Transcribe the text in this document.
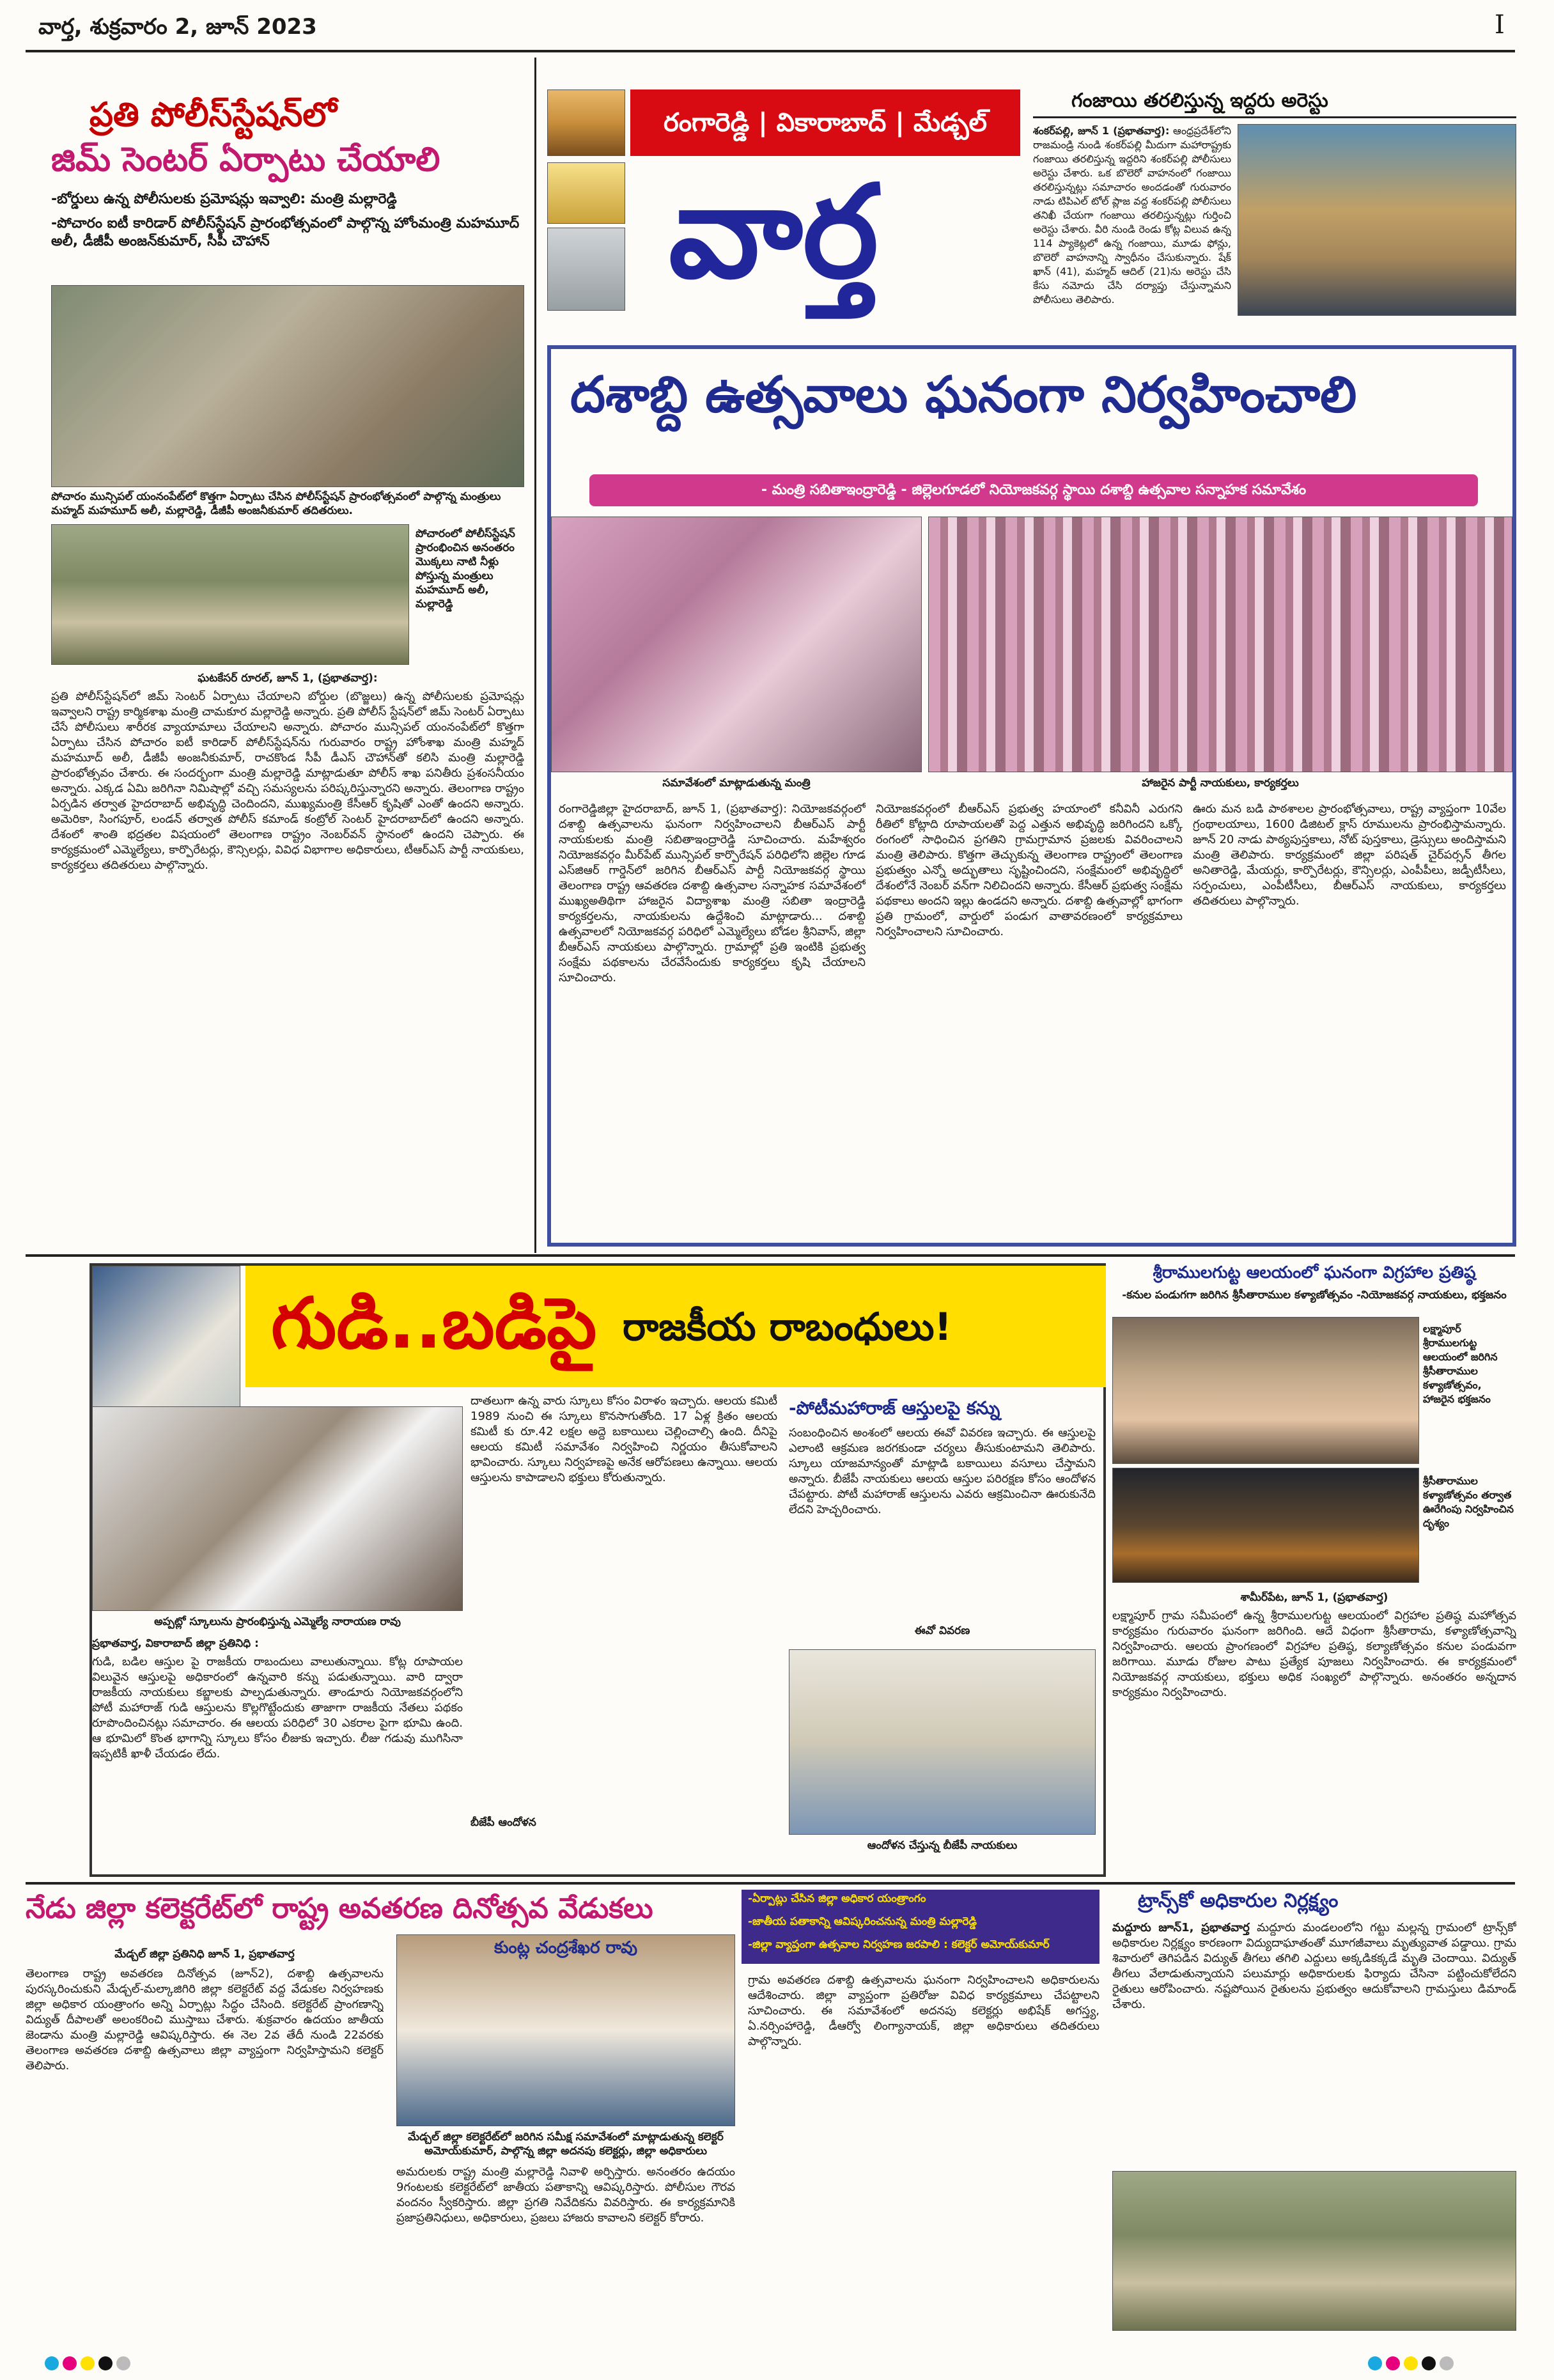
వార్త, శుక్రవారం 2, జూన్ 2023	I
ప్రతి పోలీస్‌స్టేషన్‌లో
జిమ్ సెంటర్ ఏర్పాటు చేయాలి
-బోర్డులు ఉన్న పోలీసులకు ప్రమోషన్లు ఇవ్వాలి: మంత్రి మల్లారెడ్డి
-పోచారం ఐటీ కారిడార్ పోలీస్‌స్టేషన్ ప్రారంభోత్సవంలో పాల్గొన్న హోంమంత్రి మహమూద్ అలీ, డీజీపీ అంజన్‌కుమార్, సీపీ చౌహాన్
పోచారం మున్సిపల్ యంనంపేట్‌లో కొత్తగా ఏర్పాటు చేసిన పోలీస్‌స్టేషన్ ప్రారంభోత్సవంలో పాల్గొన్న మంత్రులు మహ్మద్ మహమూద్ అలీ, మల్లారెడ్డి, డీజీపీ అంజనీకుమార్ తదితరులు.
పోచారంలో పోలీస్‌స్టేషన్ ప్రారంభించిన అనంతరం మొక్కలు నాటి నీళ్లు పోస్తున్న మంత్రులు మహమూద్ అలీ, మల్లారెడ్డి
ఘటకేసర్ రూరల్, జూన్ 1, (ప్రభాతవార్త):
ప్రతి పోలీస్‌స్టేషన్‌లో జిమ్ సెంటర్ ఏర్పాటు చేయాలని బోర్డుల (బొజ్జలు) ఉన్న పోలీసులకు ప్రమోషన్లు ఇవ్వాలని రాష్ట్ర కార్మికశాఖ మంత్రి చామకూర మల్లారెడ్డి అన్నారు. ప్రతి పోలీస్ స్టేషన్‌లో జిమ్ సెంటర్ ఏర్పాటు చేసే పోలీసులు శారీరక వ్యాయామాలు చేయాలని అన్నారు. పోచారం మున్సిపల్ యంనంపేట్‌లో కొత్తగా ఏర్పాటు చేసిన పోచారం ఐటీ కారిడార్ పోలీస్‌స్టేషన్‌ను గురువారం రాష్ట్ర హోంశాఖ మంత్రి మహ్మద్ మహమూద్ అలీ, డీజీపీ అంజనీకుమార్, రాచకొండ సీపీ డీఎస్ చౌహాన్‌తో కలిసి మంత్రి మల్లారెడ్డి ప్రారంభోత్సవం చేశారు. ఈ సందర్భంగా మంత్రి మల్లారెడ్డి మాట్లాడుతూ పోలీస్ శాఖ పనితీరు ప్రశంసనీయం అన్నారు. ఎక్కడ ఏమి జరిగినా నిమిషాల్లో వచ్చి సమస్యలను పరిష్కరిస్తున్నారని అన్నారు. తెలంగాణ రాష్ట్రం ఏర్పడిన తర్వాత హైదరాబాద్ అభివృద్ధి చెందిందని, ముఖ్యమంత్రి కేసీఆర్ కృషితో ఎంతో ఉందని అన్నారు. అమెరికా, సింగపూర్, లండన్ తర్వాత పోలీస్ కమాండ్ కంట్రోల్ సెంటర్ హైదరాబాద్‌లో ఉందని అన్నారు. దేశంలో శాంతి భద్రతల విషయంలో తెలంగాణ రాష్ట్రం నెంబర్‌వన్ స్థానంలో ఉందని చెప్పారు. ఈ కార్యక్రమంలో ఎమ్మెల్యేలు, కార్పొరేటర్లు, కౌన్సిలర్లు, వివిధ విభాగాల అధికారులు, టీఆర్ఎస్ పార్టీ నాయకులు, కార్యకర్తలు తదితరులు పాల్గొన్నారు.
రంగారెడ్డి | వికారాబాద్ | మేడ్చల్
వార్త
గంజాయి తరలిస్తున్న ఇద్దరు అరెస్టు
శంకర్‌పల్లి, జూన్ 1 (ప్రభాతవార్త): ఆంధ్రప్రదేశ్‌లోని రాజమండ్రి నుండి శంకర్‌పల్లి మీదుగా మహారాష్ట్రకు గంజాయి తరలిస్తున్న ఇద్దరిని శంకర్‌పల్లి పోలీసులు అరెస్టు చేశారు. ఒక బొలెరో వాహనంలో గంజాయి తరలిస్తున్నట్లు సమాచారం అందడంతో గురువారం నాడు టిపిఎల్ టోల్ ప్లాజ వద్ద శంకర్‌పల్లి పోలీసులు తనిఖీ చేయగా గంజాయి తరలిస్తున్నట్లు గుర్తించి అరెస్టు చేశారు. వీరి నుండి రెండు కోట్ల విలువ ఉన్న 114 ప్యాకెట్లలో ఉన్న గంజాయి, మూడు ఫోన్లు, బొలెరో వాహనాన్ని స్వాధీనం చేసుకున్నారు. షేక్ ఖాన్ (41), మహ్మద్ ఆదిల్ (21)ను అరెస్టు చేసి కేసు నమోదు చేసి దర్యాప్తు చేస్తున్నామని పోలీసులు తెలిపారు.
దశాబ్ది ఉత్సవాలు ఘనంగా నిర్వహించాలి
- మంత్రి సబితాఇంద్రారెడ్డి - జిల్లెలగూడలో నియోజకవర్గ స్థాయి దశాబ్ది ఉత్సవాల సన్నాహక సమావేశం
సమావేశంలో మాట్లాడుతున్న మంత్రి	హాజరైన పార్టీ నాయకులు, కార్యకర్తలు
రంగారెడ్డిజిల్లా హైదరాబాద్, జూన్ 1, (ప్రభాతవార్త): నియోజకవర్గంలో దశాబ్ది ఉత్సవాలను ఘనంగా నిర్వహించాలని బీఆర్ఎస్ పార్టీ నాయకులకు మంత్రి సబితాఇంద్రారెడ్డి సూచించారు. మహేశ్వరం నియోజకవర్గం మీర్‌పేట్ మున్సిపల్ కార్పొరేషన్ పరిధిలోని జిల్లెల గూడ ఎస్‌జిఆర్ గార్డెన్‌లో జరిగిన బీఆర్ఎస్ పార్టీ నియోజకవర్గ స్థాయి తెలంగాణ రాష్ట్ర ఆవతరణ దశాబ్ది ఉత్సవాల సన్నాహక సమావేశంలో ముఖ్యఅతిథిగా హాజరైన విద్యాశాఖ మంత్రి సబితా ఇంద్రారెడ్డి కార్యకర్తలను, నాయకులను ఉద్దేశించి మాట్లాడారు... దశాబ్ది ఉత్సవాలలో నియోజకవర్గ పరిధిలో ఎమ్మెల్యేలు బోడల శ్రీనివాస్, జిల్లా బీఆర్ఎస్ నాయకులు పాల్గొన్నారు. గ్రామాల్లో ప్రతి ఇంటికి ప్రభుత్వ సంక్షేమ పథకాలను చేరవేసేందుకు కార్యకర్తలు కృషి చేయాలని సూచించారు.
నియోజకవర్గంలో బీఆర్ఎస్ ప్రభుత్వ హయాంలో కనీవినీ ఎరుగని రీతిలో కోట్లాది రూపాయలతో పెద్ద ఎత్తున అభివృద్ధి జరిగిందని ఒక్కో రంగంలో సాధించిన ప్రగతిని గ్రామగ్రామాన ప్రజలకు వివరించాలని మంత్రి తెలిపారు. కొత్తగా తెచ్చుకున్న తెలంగాణ రాష్ట్రంలో తెలంగాణ ప్రభుత్వం ఎన్నో అద్భుతాలు సృష్టించిందని, సంక్షేమంలో అభివృద్ధిలో దేశంలోనే నెంబర్ వన్‌గా నిలిచిందని అన్నారు. కేసీఆర్ ప్రభుత్వ సంక్షేమ పథకాలు అందని ఇల్లు ఉండదని అన్నారు. దశాబ్ది ఉత్సవాల్లో భాగంగా ప్రతి గ్రామంలో, వార్డులో పండుగ వాతావరణంలో కార్యక్రమాలు నిర్వహించాలని సూచించారు.
ఊరు మన బడి పాఠశాలల ప్రారంభోత్సవాలు, రాష్ట్ర వ్యాప్తంగా 10వేల గ్రంథాలయాలు, 1600 డిజిటల్ క్లాస్ రూములను ప్రారంభిస్తామన్నారు. జూన్ 20 నాడు పాఠ్యపుస్తకాలు, నోట్ పుస్తకాలు, డ్రెస్సులు అందిస్తామని మంత్రి తెలిపారు. కార్యక్రమంలో జిల్లా పరిషత్ చైర్‌పర్సన్ తీగల అనితారెడ్డి, మేయర్లు, కార్పొరేటర్లు, కౌన్సిలర్లు, ఎంపీపీలు, జడ్పీటీసీలు, సర్పంచులు, ఎంపీటీసీలు, బీఆర్ఎస్ నాయకులు, కార్యకర్తలు తదితరులు పాల్గొన్నారు.
గుడి..బడిపై రాజకీయ రాబంధులు!
అప్పట్లో స్కూలును ప్రారంభిస్తున్న ఎమ్మెల్యే నారాయణ రావు
ప్రభాతవార్త, వికారాబాద్ జిల్లా ప్రతినిధి :
గుడి, బడిల ఆస్తుల పై రాజకీయ రాబందులు వాలుతున్నాయి. కోట్ల రూపాయల విలువైన ఆస్తులపై అధికారంలో ఉన్నవారి కన్ను పడుతున్నాయి. వారి ద్వారా రాజకీయ నాయకులు కబ్జాలకు పాల్పడుతున్నారు. తాండూరు నియోజకవర్గంలోని పోటీ మహారాజ్ గుడి ఆస్తులను కొల్లగొట్టేందుకు తాజాగా రాజకీయ నేతలు పథకం రూపొందించినట్లు సమాచారం. ఈ ఆలయ పరిధిలో 30 ఎకరాల పైగా భూమి ఉంది. ఆ భూమిలో కొంత భాగాన్ని స్కూలు కోసం లీజుకు ఇచ్చారు. లీజు గడువు ముగిసినా ఇప్పటికీ ఖాళీ చేయడం లేదు.
దాతలుగా ఉన్న వారు స్కూలు కోసం విరాళం ఇచ్చారు. ఆలయ కమిటీ 1989 నుంచి ఈ స్కూలు కొనసాగుతోంది. 17 ఏళ్ల క్రితం ఆలయ కమిటీ కు రూ.42 లక్షల అద్దె బకాయిలు చెల్లించాల్సి ఉంది. దీనిపై ఆలయ కమిటీ సమావేశం నిర్వహించి నిర్ణయం తీసుకోవాలని భావించారు. స్కూలు నిర్వహణపై అనేక ఆరోపణలు ఉన్నాయి. ఆలయ ఆస్తులను కాపాడాలని భక్తులు కోరుతున్నారు.
బీజేపీ ఆందోళన
-పోటీమహారాజ్ ఆస్తులపై కన్ను
సంబంధించిన అంశంలో ఆలయ ఈవో వివరణ ఇచ్చారు. ఈ ఆస్తులపై ఎలాంటి ఆక్రమణ జరగకుండా చర్యలు తీసుకుంటామని తెలిపారు. స్కూలు యాజమాన్యంతో మాట్లాడి బకాయిలు వసూలు చేస్తామని అన్నారు. బీజేపీ నాయకులు ఆలయ ఆస్తుల పరిరక్షణ కోసం ఆందోళన చేపట్టారు. పోటీ మహారాజ్ ఆస్తులను ఎవరు ఆక్రమించినా ఊరుకునేది లేదని హెచ్చరించారు.
ఈవో వివరణ
ఆందోళన చేస్తున్న బీజేపీ నాయకులు
శ్రీరాములగుట్ట ఆలయంలో ఘనంగా విగ్రహాల ప్రతిష్ఠ
-కనుల పండుగగా జరిగిన శ్రీసీతారాముల కళ్యాణోత్సవం -నియోజకవర్గ నాయకులు, భక్తజనం
లక్ష్మాపూర్ శ్రీరాములగుట్ట ఆలయంలో జరిగిన శ్రీసీతారాముల కళ్యాణోత్సవం, హాజరైన భక్తజనం
శ్రీసీతారాముల కళ్యాణోత్సవం తర్వాత ఊరేగింపు నిర్వహించిన దృశ్యం
శామీర్‌పేట, జూన్ 1, (ప్రభాతవార్త)
లక్ష్మాపూర్ గ్రామ సమీపంలో ఉన్న శ్రీరాములగుట్ట ఆలయంలో విగ్రహాల ప్రతిష్ఠ మహోత్సవ కార్యక్రమం గురువారం ఘనంగా జరిగింది. ఆదే విధంగా శ్రీసీతారామ, కళ్యాణోత్సవాన్ని నిర్వహించారు. ఆలయ ప్రాంగణంలో విగ్రహాల ప్రతిష్ఠ, కల్యాణోత్సవం కనుల పండువగా జరిగాయి. మూడు రోజుల పాటు ప్రత్యేక పూజలు నిర్వహించారు. ఈ కార్యక్రమంలో నియోజకవర్గ నాయకులు, భక్తులు అధిక సంఖ్యలో పాల్గొన్నారు. అనంతరం అన్నదాన కార్యక్రమం నిర్వహించారు.
నేడు జిల్లా కలెక్టరేట్‌లో రాష్ట్ర అవతరణ దినోత్సవ వేడుకలు	-ఏర్పాట్లు చేసిన జిల్లా అధికార యంత్రాంగం
-జాతీయ పతాకాన్ని ఆవిష్కరించనున్న మంత్రి మల్లారెడ్డి
-జిల్లా వ్యాప్తంగా ఉత్సవాల నిర్వహణ జరపాలి : కలెక్టర్ అమోయ్‌కుమార్
మేడ్చల్ జిల్లా ప్రతినిధి జూన్ 1, ప్రభాతవార్త
తెలంగాణ రాష్ట్ర అవతరణ దినోత్సవ (జూన్2), దశాబ్ది ఉత్సవాలను పురస్కరించుకుని మేడ్చల్-మల్కాజిగిరి జిల్లా కలెక్టరేట్ వద్ద వేడుకల నిర్వహణకు జిల్లా అధికార యంత్రాంగం అన్ని ఏర్పాట్లు సిద్ధం చేసింది. కలెక్టరేట్ ప్రాంగణాన్ని విద్యుత్ దీపాలతో అలంకరించి ముస్తాబు చేశారు. శుక్రవారం ఉదయం జాతీయ జెండాను మంత్రి మల్లారెడ్డి ఆవిష్కరిస్తారు. ఈ నెల 2వ తేదీ నుండి 22వరకు తెలంగాణ అవతరణ దశాబ్ది ఉత్సవాలు జిల్లా వ్యాప్తంగా నిర్వహిస్తామని కలెక్టర్ తెలిపారు.
కుంట్ల చంద్రశేఖర రావు
మేడ్చల్ జిల్లా కలెక్టరేట్‌లో జరిగిన సమీక్ష సమావేశంలో మాట్లాడుతున్న కలెక్టర్ అమోయ్‌కుమార్, పాల్గొన్న జిల్లా అదనపు కలెక్టర్లు, జిల్లా అధికారులు
అమరులకు రాష్ట్ర మంత్రి మల్లారెడ్డి నివాళి అర్పిస్తారు. అనంతరం ఉదయం 9గంటలకు కలెక్టరేట్‌లో జాతీయ పతాకాన్ని ఆవిష్కరిస్తారు. పోలీసుల గౌరవ వందనం స్వీకరిస్తారు. జిల్లా ప్రగతి నివేదికను వివరిస్తారు. ఈ కార్యక్రమానికి ప్రజాప్రతినిధులు, అధికారులు, ప్రజలు హాజరు కావాలని కలెక్టర్ కోరారు.
గ్రామ అవతరణ దశాబ్ది ఉత్సవాలను ఘనంగా నిర్వహించాలని అధికారులను ఆదేశించారు. జిల్లా వ్యాప్తంగా ప్రతిరోజు వివిధ కార్యక్రమాలు చేపట్టాలని సూచించారు. ఈ సమావేశంలో అదనపు కలెక్టర్లు అభిషేక్ అగస్త్య, ఏ.నర్సింహారెడ్డి, డీఆర్వో లింగ్యానాయక్, జిల్లా అధికారులు తదితరులు పాల్గొన్నారు.
ట్రాన్స్‌కో అధికారుల నిర్లక్ష్యం
మద్దూరు జూన్1, ప్రభాతవార్త మద్దూరు మండలంలోని గట్టు మల్లన్న గ్రామంలో ట్రాన్స్‌కో అధికారుల నిర్లక్ష్యం కారణంగా విద్యుదాఘాతంతో మూగజీవాలు మృత్యువాత పడ్డాయి. గ్రామ శివారులో తెగిపడిన విద్యుత్ తీగలు తగిలి ఎద్దులు అక్కడికక్కడే మృతి చెందాయి. విద్యుత్ తీగలు వేలాడుతున్నాయని పలుమార్లు అధికారులకు ఫిర్యాదు చేసినా పట్టించుకోలేదని రైతులు ఆరోపించారు. నష్టపోయిన రైతులను ప్రభుత్వం ఆదుకోవాలని గ్రామస్తులు డిమాండ్ చేశారు.
